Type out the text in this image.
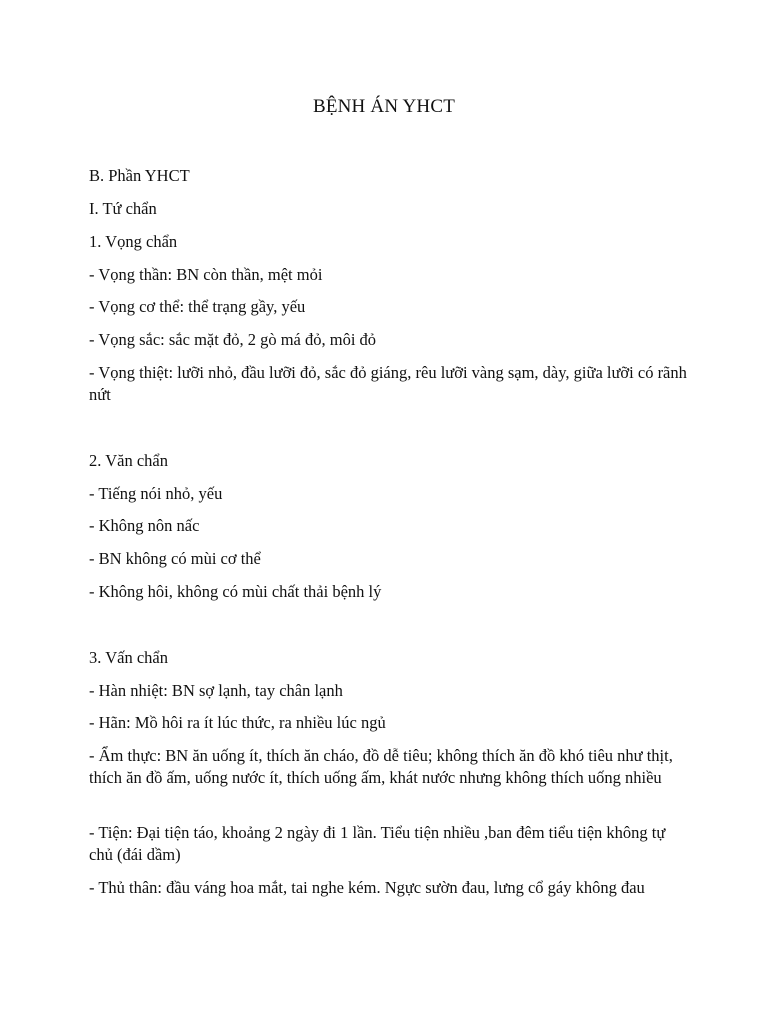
BỆNH ÁN YHCT
B. Phần YHCT
I. Tứ chẩn
1. Vọng chẩn
- Vọng thần: BN còn thần, mệt mỏi
- Vọng cơ thể: thể trạng gầy, yếu
- Vọng sắc: sắc mặt đỏ, 2 gò má đỏ, môi đỏ
- Vọng thiệt: lưỡi nhỏ, đầu lưỡi đỏ, sắc đỏ giáng, rêu lưỡi vàng sạm, dày, giữa lưỡi có rãnh nứt
2. Văn chẩn
- Tiếng nói nhỏ, yếu
- Không nôn nấc
- BN không có mùi cơ thể
- Không hôi, không có mùi chất thải bệnh lý
3. Vấn chẩn
- Hàn nhiệt: BN sợ lạnh, tay chân lạnh
- Hãn: Mồ hôi ra ít lúc thức, ra nhiều lúc ngủ
- Ẩm thực: BN ăn uống ít, thích ăn cháo, đồ dễ tiêu; không thích ăn đồ khó tiêu như thịt, thích ăn đồ ấm, uống nước ít, thích uống ấm, khát nước nhưng không thích uống nhiều
- Tiện: Đại tiện táo, khoảng 2 ngày đi 1 lần. Tiểu tiện nhiều ,ban đêm tiểu tiện không tự chủ (đái dầm)
- Thủ thân: đầu váng hoa mắt, tai nghe kém. Ngực sườn đau, lưng cổ gáy không đau
